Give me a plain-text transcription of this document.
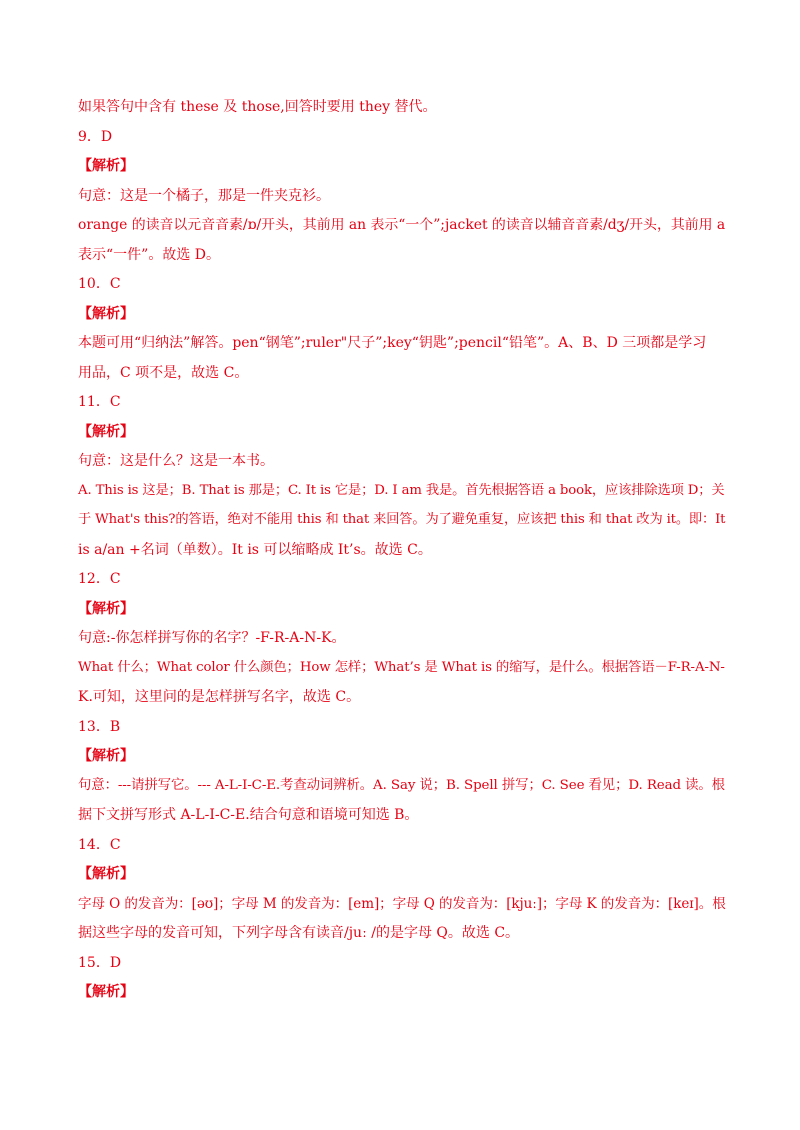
如果答句中含有 these 及 those,回答时要用 they 替代。

9．D

【解析】

句意：这是一个橘子，那是一件夹克衫。

orange 的读音以元音音素/ɒ/开头，其前用 an 表示“一个”;jacket 的读音以辅音音素/dʒ/开头，其前用 a

表示“一件”。故选 D。

10．C

【解析】

本题可用“归纳法”解答。pen“钢笔”;ruler"尺子”;key“钥匙”;pencil“铅笔”。A、B、D 三项都是学习

用品，C 项不是，故选 C。

11．C

【解析】

句意：这是什么？这是一本书。

A. This is 这是；B. That is 那是；C. It is 它是；D. I am 我是。首先根据答语 a book，应该排除选项 D；关

于 What's this?的答语，绝对不能用 this 和 that 来回答。为了避免重复，应该把 this 和 that 改为 it。即：It

is a/an +名词（单数）。It is 可以缩略成 It’s。故选 C。

12．C

【解析】

句意:-你怎样拼写你的名字？-F-R-A-N-K。

What 什么；What color 什么颜色；How 怎样；What’s 是 What is 的缩写，是什么。根据答语－F-R-A-N-

K.可知，这里问的是怎样拼写名字，故选 C。

13．B

【解析】

句意：---请拼写它。--- A-L-I-C-E.考查动词辨析。A. Say 说；B. Spell 拼写；C. See 看见；D. Read 读。根

据下文拼写形式 A-L-I-C-E.结合句意和语境可知选 B。

14．C

【解析】

字母 O 的发音为：[əʊ]；字母 M 的发音为：[em]；字母 Q 的发音为：[kjuː]；字母 K 的发音为：[keɪ]。根

据这些字母的发音可知，下列字母含有读音/juː /的是字母 Q。故选 C。

15．D

【解析】
